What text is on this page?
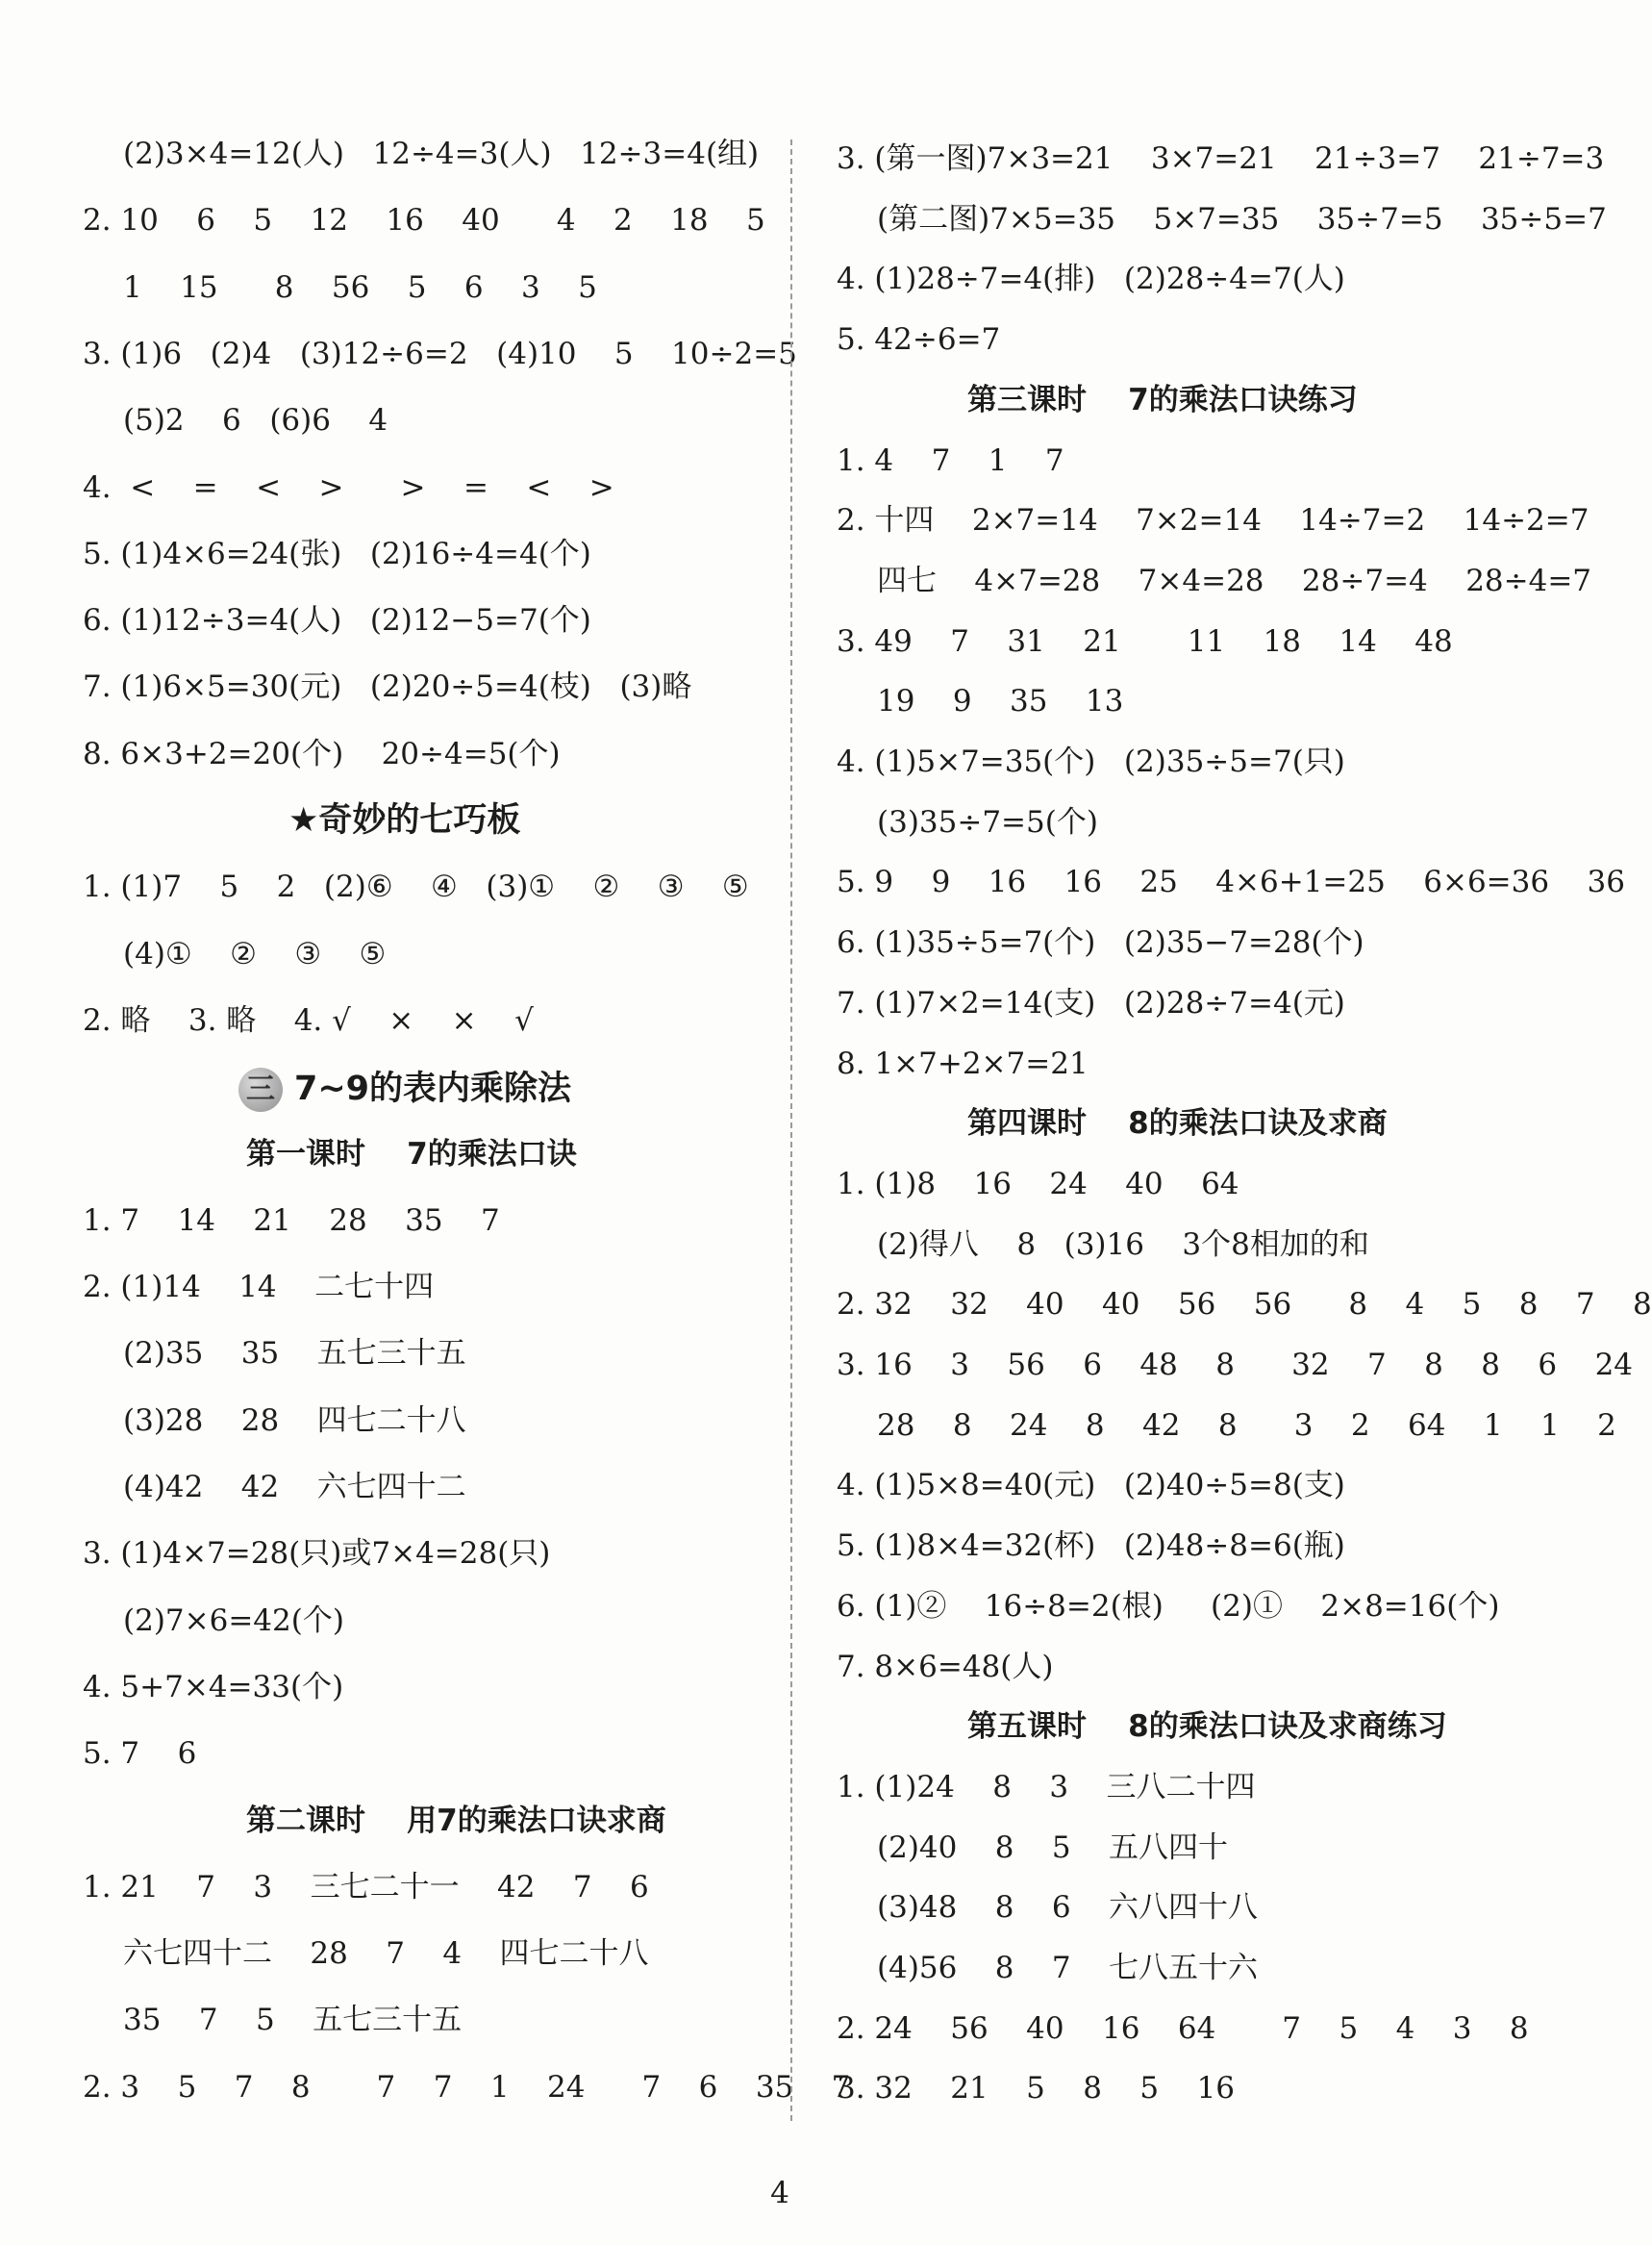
(2)3×4=12(人)   12÷4=3(人)   12÷3=4(组)
2. 10    6    5    12    16    40      4    2    18    5
1    15      8    56    5    6    3    5
3. (1)6   (2)4   (3)12÷6=2   (4)10    5    10÷2=5
(5)2    6   (6)6    4
4.  <    =    <    >      >    =    <    >
5. (1)4×6=24(张)   (2)16÷4=4(个)
6. (1)12÷3=4(人)   (2)12−5=7(个)
7. (1)6×5=30(元)   (2)20÷5=4(枝)   (3)略
8. 6×3+2=20(个)    20÷4=5(个)
★奇妙的七巧板
1. (1)7    5    2   (2)⑥    ④   (3)①    ②    ③    ⑤
(4)①    ②    ③    ⑤
2. 略    3. 略    4. √    ×    ×    √
三 7~9的表内乘除法
第一课时    7的乘法口诀
1. 7    14    21    28    35    7
2. (1)14    14    二七十四
(2)35    35    五七三十五
(3)28    28    四七二十八
(4)42    42    六七四十二
3. (1)4×7=28(只)或7×4=28(只)
(2)7×6=42(个)
4. 5+7×4=33(个)
5. 7    6
第二课时    用7的乘法口诀求商
1. 21    7    3    三七二十一    42    7    6
六七四十二    28    7    4    四七二十八
35    7    5    五七三十五
2. 3    5    7    8       7    7    1    24      7    6    35    7
3. (第一图)7×3=21    3×7=21    21÷3=7    21÷7=3
(第二图)7×5=35    5×7=35    35÷7=5    35÷5=7
4. (1)28÷7=4(排)   (2)28÷4=7(人)
5. 42÷6=7
第三课时    7的乘法口诀练习
1. 4    7    1    7
2. 十四    2×7=14    7×2=14    14÷7=2    14÷2=7
四七    4×7=28    7×4=28    28÷7=4    28÷4=7
3. 49    7    31    21       11    18    14    48
19    9    35    13
4. (1)5×7=35(个)   (2)35÷5=7(只)
(3)35÷7=5(个)
5. 9    9    16    16    25    4×6+1=25    6×6=36    36
6. (1)35÷5=7(个)   (2)35−7=28(个)
7. (1)7×2=14(支)   (2)28÷7=4(元)
8. 1×7+2×7=21
第四课时    8的乘法口诀及求商
1. (1)8    16    24    40    64
(2)得八    8   (3)16    3个8相加的和
2. 32    32    40    40    56    56      8    4    5    8    7    8
3. 16    3    56    6    48    8      32    7    8    8    6    24
28    8    24    8    42    8      3    2    64    1    1    2
4. (1)5×8=40(元)   (2)40÷5=8(支)
5. (1)8×4=32(杯)   (2)48÷8=6(瓶)
6. (1)②    16÷8=2(根)     (2)①    2×8=16(个)
7. 8×6=48(人)
第五课时    8的乘法口诀及求商练习
1. (1)24    8    3    三八二十四
(2)40    8    5    五八四十
(3)48    8    6    六八四十八
(4)56    8    7    七八五十六
2. 24    56    40    16    64       7    5    4    3    8
3. 32    21    5    8    5    16
4
